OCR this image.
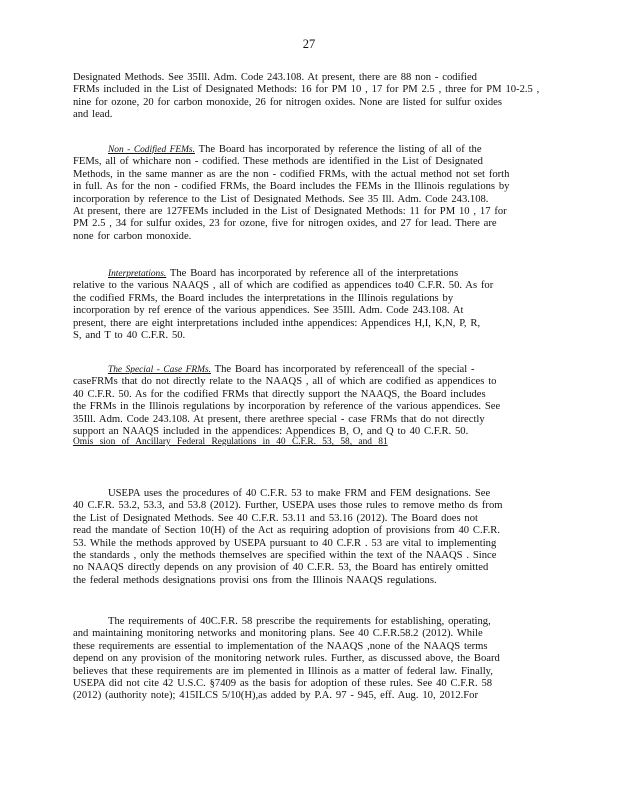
27
Designated Methods. See 35Ill. Adm. Code 243.108. At present, there are 88 non - codified
FRMs included in the List of Designated Methods: 16 for PM 10 , 17 for PM 2.5 , three for PM 10-2.5 ,
nine for ozone, 20 for carbon monoxide, 26 for nitrogen oxides. None are listed for sulfur oxides
and lead.
Non - Codified FEMs. The Board has incorporated by reference the listing of all of the
FEMs, all of whichare non - codified. These methods are identified in the List of Designated
Methods, in the same manner as are the non - codified FRMs, with the actual method not set forth
in full. As for the non - codified FRMs, the Board includes the FEMs in the Illinois regulations by
incorporation by reference to the List of Designated Methods. See 35 Ill. Adm. Code 243.108.
At present, there are 127FEMs included in the List of Designated Methods: 11 for PM 10 , 17 for
PM 2.5 , 34 for sulfur oxides, 23 for ozone, five for nitrogen oxides, and 27 for lead. There are
none for carbon monoxide.
Interpretations. The Board has incorporated by reference all of the interpretations
relative to the various NAAQS , all of which are codified as appendices to40 C.F.R. 50. As for
the codified FRMs, the Board includes the interpretations in the Illinois regulations by
incorporation by ref erence of the various appendices. See 35Ill. Adm. Code 243.108. At
present, there are eight interpretations included inthe appendices: Appendices H,I, K,N, P, R,
S, and T to 40 C.F.R. 50.
The Special - Case FRMs. The Board has incorporated by referenceall of the special -
caseFRMs that do not directly relate to the NAAQS , all of which are codified as appendices to
40 C.F.R. 50. As for the codified FRMs that directly support the NAAQS, the Board includes
the FRMs in the Illinois regulations by incorporation by reference of the various appendices. See
35Ill. Adm. Code 243.108. At present, there arethree special - case FRMs that do not directly
support an NAAQS included in the appendices: Appendices B, O, and Q to 40 C.F.R. 50.
Omis sion of Ancillary Federal Regulations in 40 C.F.R. 53, 58, and 81
USEPA uses the procedures of 40 C.F.R. 53 to make FRM and FEM designations. See
40 C.F.R. 53.2, 53.3, and 53.8 (2012). Further, USEPA uses those rules to remove metho ds from
the List of Designated Methods. See 40 C.F.R. 53.11 and 53.16 (2012). The Board does not
read the mandate of Section 10(H) of the Act as requiring adoption of provisions from 40 C.F.R.
53. While the methods approved by USEPA pursuant to 40 C.F.R . 53 are vital to implementing
the standards , only the methods themselves are specified within the text of the NAAQS . Since
no NAAQS directly depends on any provision of 40 C.F.R. 53, the Board has entirely omitted
the federal methods designations provisi ons from the Illinois NAAQS regulations.
The requirements of 40C.F.R. 58 prescribe the requirements for establishing, operating,
and maintaining monitoring networks and monitoring plans. See 40 C.F.R.58.2 (2012). While
these requirements are essential to implementation of the NAAQS ,none of the NAAQS terms
depend on any provision of the monitoring network rules. Further, as discussed above, the Board
believes that these requirements are im plemented in Illinois as a matter of federal law. Finally,
USEPA did not cite 42 U.S.C. §7409 as the basis for adoption of these rules. See 40 C.F.R. 58
(2012) (authority note); 415ILCS 5/10(H),as added by P.A. 97 - 945, eff. Aug. 10, 2012.For
